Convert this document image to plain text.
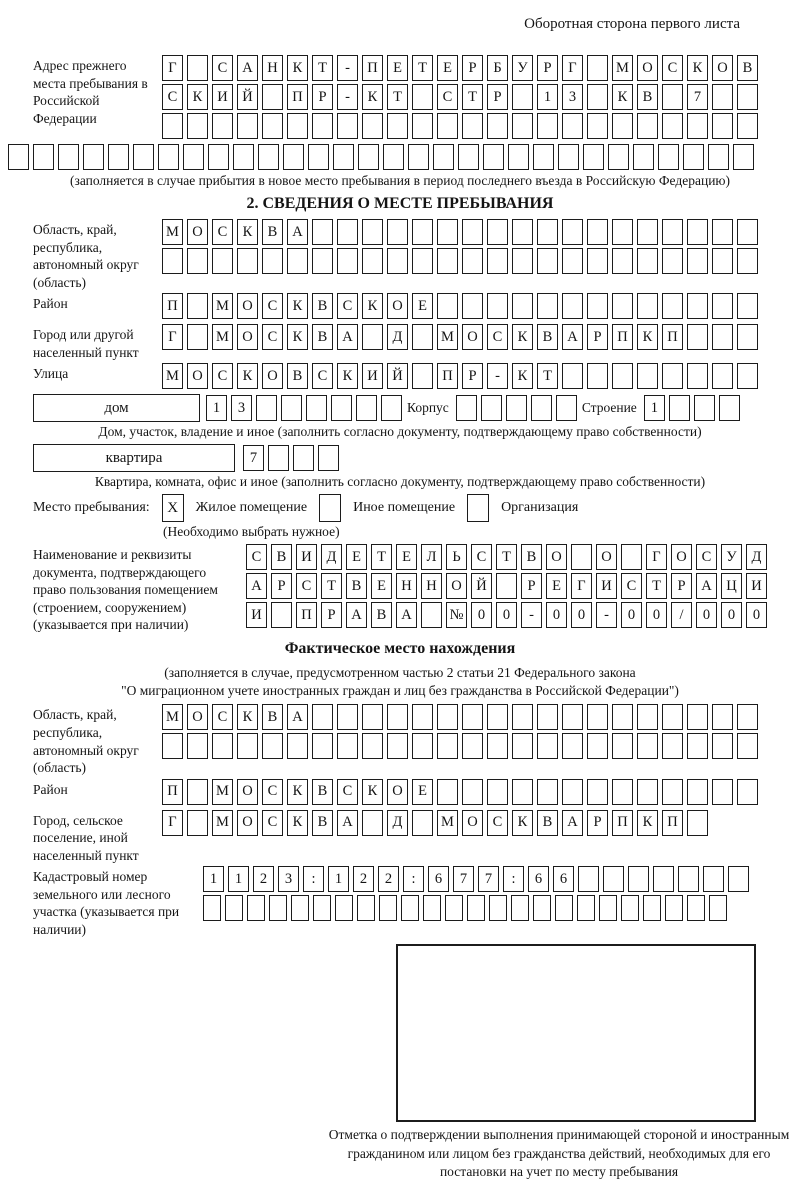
Оборотная сторона первого листа
Адрес прежнего места пребывания в Российской Федерации
Г	С	А	Н	К	Т	-	П	Е	Т	Е	Р	Б	У	Р	Г	М О	С	К	О	В
С	К	И	Й	П	Р	-	К	Т	С	Т	Р	1	3	К	В	7
(заполняется в случае прибытия в новое место пребывания в период последнего въезда в Российскую Федерацию)
2. СВЕДЕНИЯ О МЕСТЕ ПРЕБЫВАНИЯ
Область, край, республика, автономный округ (область)
М О	С	К	В	А
Район	П	М О	С	К	В	С	К	О	Е
Город или другой населенный пункт
Г	М О	С	К	В	А	Д	М О	С	К	В	А	Р	П	К	П
Улица	М О	С	К	О	В	С	К	И	Й	П	Р	-	К	Т
дом	1	3	Корпус	Строение 1
Дом, участок, владение и иное (заполнить согласно документу, подтверждающему право собственности)
квартира	7
Квартира, комната, офис и иное (заполнить согласно документу, подтверждающему право собственности)
Место пребывания:	X	Жилое помещение	Иное помещение	Организация
(Необходимо выбрать нужное)
Наименование и реквизиты документа, подтверждающего право пользования помещением (строением, сооружением) (указывается при наличии)
С	В	И	Д	Е	Т	Е	Л	Ь	С	Т	В	О	О	Г	О	С	У	Д
А	Р	С	Т	В	Е	Н	Н	О	Й	Р	Е	Г	И	С	Т	Р	А	Ц	И
И	П	Р	А	В	А	№ 0	0	-	0	0	-	0	0	/	0	0	0
Фактическое место нахождения
(заполняется в случае, предусмотренном частью 2 статьи 21 Федерального закона
"О миграционном учете иностранных граждан и лиц без гражданства в Российской Федерации")
Область, край, республика, автономный округ (область)
М О	С	К	В	А
Район	П	М О	С	К	В	С	К	О	Е
Город, сельское поселение, иной населенный пункт
Г	М О	С	К	В	А	Д	М О	С	К	В	А	Р	П	К	П
Кадастровый номер земельного или лесного участка (указывается при наличии)
1	1	2	3	:	1	2	2	:	6	7	7	:	6	6
Отметка о подтверждении выполнения принимающей стороной и иностранным гражданином или лицом без гражданства действий, необходимых для его постановки на учет по месту пребывания
